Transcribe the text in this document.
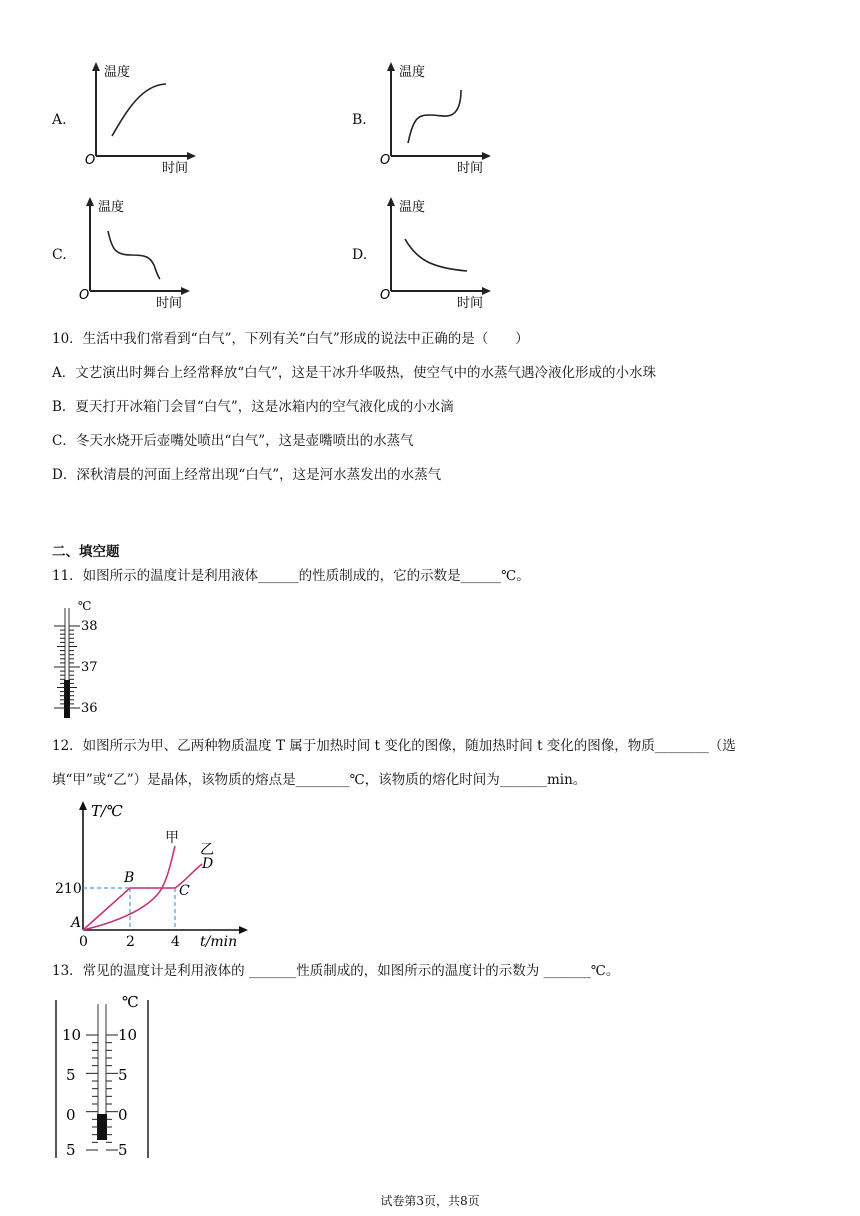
A.	B.
C.	D.
温度
时间
O
温度
时间
O
温度
时间
O
温度
时间
O
10．生活中我们常看到“白气”，下列有关“白气”形成的说法中正确的是（　　）
A．文艺演出时舞台上经常释放“白气”，这是干冰升华吸热，使空气中的水蒸气遇冷液化形成的小水珠
B．夏天打开冰箱门会冒“白气”，这是冰箱内的空气液化成的小水滴
C．冬天水烧开后壶嘴处喷出“白气”，这是壶嘴喷出的水蒸气
D．深秋清晨的河面上经常出现“白气”，这是河水蒸发出的水蒸气
二、填空题
11．如图所示的温度计是利用液体______的性质制成的，它的示数是______℃。
℃
38
37
36
12．如图所示为甲、乙两种物质温度 T 属于加热时间 t 变化的图像，随加热时间 t 变化的图像，物质________（选
填“甲”或“乙”）是晶体，该物质的熔点是________℃，该物质的熔化时间为_______min。
T/℃
t/min
210
0	2	4
A
B
C
D
甲
乙
13．常见的温度计是利用液体的 _______性质制成的，如图所示的温度计的示数为 _______℃。
℃
10
5
0
5
10
5
0
5
试卷第3页，共8页
